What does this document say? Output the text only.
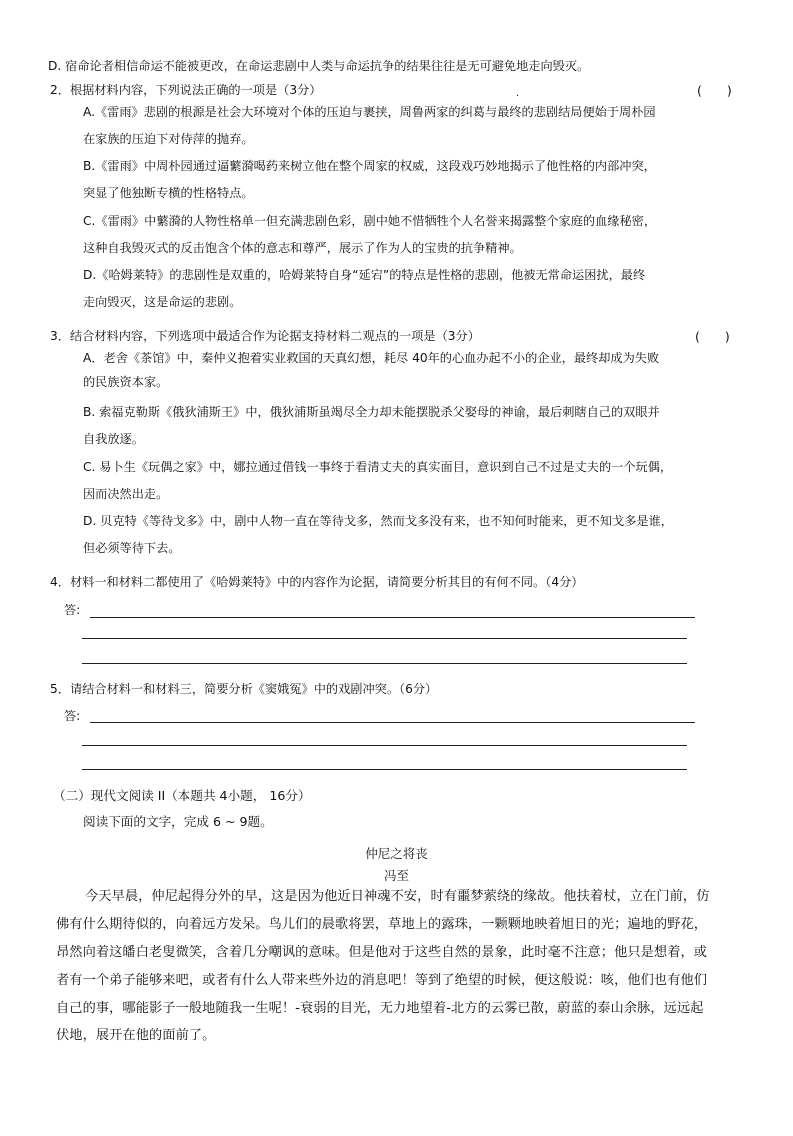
D. 宿命论者相信命运不能被更改，在命运悲剧中人类与命运抗争的结果往往是无可避免地走向毁灭。
.
2．根据材料内容，下列说法正确的一项是（3分）	(　　)
A.《雷雨》悲剧的根源是社会大环境对个体的压迫与裹挟，周鲁两家的纠葛与最终的悲剧结局便始于周朴园
在家族的压迫下对侍萍的抛弃。
B.《雷雨》中周朴园通过逼蘩漪喝药来树立他在整个周家的权威，这段戏巧妙地揭示了他性格的内部冲突，
突显了他独断专横的性格特点。
C.《雷雨》中蘩漪的人物性格单一但充满悲剧色彩，剧中她不惜牺牲个人名誉来揭露整个家庭的血缘秘密，
这种自我毁灭式的反击饱含个体的意志和尊严，展示了作为人的宝贵的抗争精神。
D.《哈姆莱特》的悲剧性是双重的，哈姆莱特自身“延宕”的特点是性格的悲剧，他被无常命运困扰，最终
走向毁灭，这是命运的悲剧。
3．结合材料内容，下列选项中最适合作为论据支持材料二观点的一项是（3分）	(　　)
A．老舍《茶馆》中，秦仲义抱着实业救国的天真幻想，耗尽 40年的心血办起不小的企业，最终却成为失败
的民族资本家。
B. 索福克勒斯《俄狄浦斯王》中，俄狄浦斯虽竭尽全力却未能摆脱杀父娶母的神谕，最后刺瞎自己的双眼并
自我放逐。
C. 易卜生《玩偶之家》中，娜拉通过借钱一事终于看清丈夫的真实面目，意识到自己不过是丈夫的一个玩偶，
因而决然出走。
D. 贝克特《等待戈多》中，剧中人物一直在等待戈多，然而戈多没有来，也不知何时能来，更不知戈多是谁，
但必须等待下去。
4．材料一和材料二都使用了《哈姆莱特》中的内容作为论据，请简要分析其目的有何不同。（4分）
答:
5．请结合材料一和材料三，简要分析《窦娥冤》中的戏剧冲突。（6分）
答:
（二）现代文阅读 II（本题共 4小题， 16分）
阅读下面的文字，完成 6 ~ 9题。
仲尼之将丧
冯至
今天早晨，仲尼起得分外的早，这是因为他近日神魂不安，时有噩梦萦绕的缘故。他扶着杖，立在门前，仿
佛有什么期待似的，向着远方发呆。鸟儿们的晨歌将罢，草地上的露珠，一颗颗地映着旭日的光；遍地的野花，
昂然向着这皤白老叟微笑，含着几分嘲讽的意味。但是他对于这些自然的景象，此时毫不注意；他只是想着，或
者有一个弟子能够来吧，或者有什么人带来些外边的消息吧！等到了绝望的时候，便这般说：咳，他们也有他们
自己的事，哪能影子一般地随我一生呢！-衰弱的目光，无力地望着-北方的云雾已散，蔚蓝的泰山余脉，远远起
伏地，展开在他的面前了。
